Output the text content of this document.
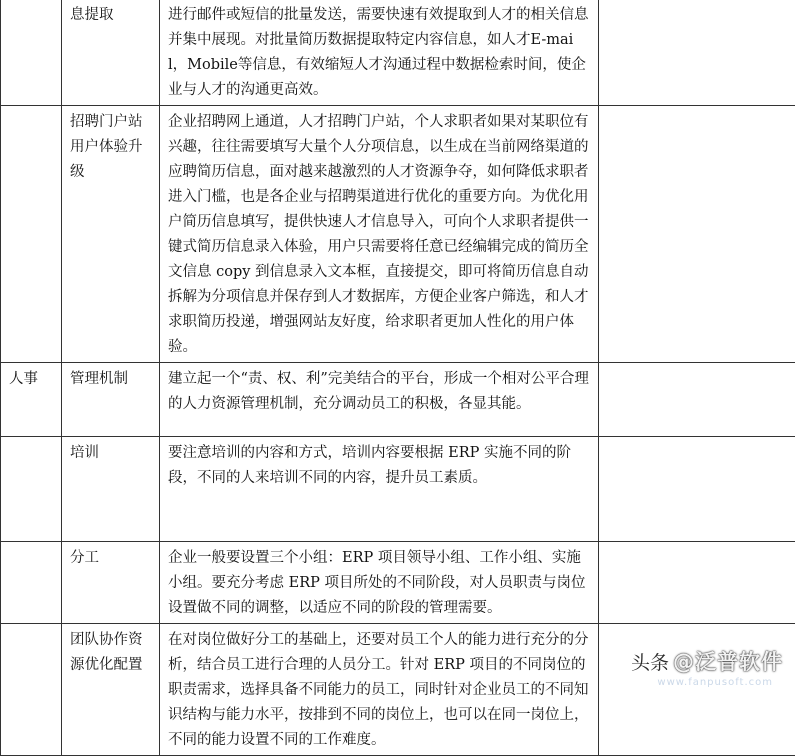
	息提取	进行邮件或短信的批量发送，需要快速有效提取到人才的相关信息并集中展现。对批量简历数据提取特定内容信息，如人才E-mail，Mobile等信息，有效缩短人才沟通过程中数据检索时间，使企业与人才的沟通更高效。	
	招聘门户站用户体验升级	企业招聘网上通道，人才招聘门户站，个人求职者如果对某职位有兴趣，往往需要填写大量个人分项信息，以生成在当前网络渠道的应聘简历信息，面对越来越激烈的人才资源争夺，如何降低求职者进入门槛，也是各企业与招聘渠道进行优化的重要方向。为优化用户简历信息填写，提供快速人才信息导入，可向个人求职者提供一键式简历信息录入体验，用户只需要将任意已经编辑完成的简历全文信息 copy 到信息录入文本框，直接提交，即可将简历信息自动拆解为分项信息并保存到人才数据库，方便企业客户筛选，和人才求职简历投递，增强网站友好度，给求职者更加人性化的用户体验。	
人事	管理机制	建立起一个“责、权、利”完美结合的平台，形成一个相对公平合理的人力资源管理机制，充分调动员工的积极，各显其能。	
	培训	要注意培训的内容和方式，培训内容要根据 ERP 实施不同的阶段，不同的人来培训不同的内容，提升员工素质。	
	分工	企业一般要设置三个小组：ERP 项目领导小组、工作小组、实施小组。要充分考虑 ERP 项目所处的不同阶段，对人员职责与岗位设置做不同的调整，以适应不同的阶段的管理需要。	
	团队协作资源优化配置	在对岗位做好分工的基础上，还要对员工个人的能力进行充分的分析，结合员工进行合理的人员分工。针对 ERP 项目的不同岗位的职责需求，选择具备不同能力的员工，同时针对企业员工的不同知识结构与能力水平，按排到不同的岗位上，也可以在同一岗位上，不同的能力设置不同的工作难度。	
头条 @泛普软件
www.fanpusoft.com
